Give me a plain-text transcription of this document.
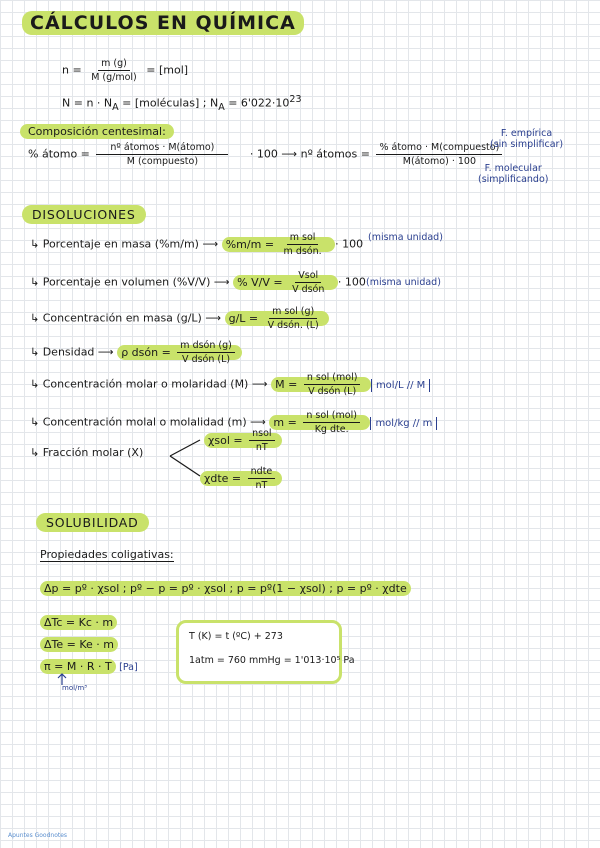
CÁLCULOS EN QUÍMICA
$n = \frac{m (g)}{\text{M (g/mol)}} = [mol]$
$N = n \cdot N_A$ = [moléculas] ; $N_A = 6'022\cdot 10^{23}$
Composición centesimal:
% átomo = $\frac{\text{nº átomos · M(átomo)}}{\text{M (compuesto)}} \cdot 100$ ⟶ nº átomos = $\frac{\text{\% átomo · M(compuesto)}}{\text{M(átomo) · 100}}$
F. empírica
(sin simplificar)
F. molecular
(simplificando)
DISOLUCIONES
↳ Porcentaje en masa (%m/m) ⟶ $\%m/m = \frac{\text{m sol}}{\text{m dsón.}} \cdot 100$ (misma unidad)
↳ Porcentaje en volumen (%V/V) ⟶ % $V/V = \frac{\text{Vsol}}{\text{V dsón}} \cdot 100$ (misma unidad)
↳ Concentración en masa (g/L) ⟶ $g/L = \frac{\text{m sol (g)}}{\text{V dsón. (L)}}$
↳ Densidad ⟶ ρ dsón = $\frac{\text{m dsón (g)}}{\text{V dsón (L)}}$
↳ Concentración molar o molaridad (M) ⟶ $M = \frac{\text{n sol (mol)}}{\text{V dsón (L)}} mol/L // M$
↳ Concentración molal o molalidad (m) ⟶ $m = \frac{\text{n sol (mol)}}{\text{Kg dte.}} mol/kg // m$
↳ Fracción molar (X)
$\chi sol = \frac{\text{nsol}}{nT}$
$\chi dte = \frac{\text{ndte}}{nT}$
SOLUBILIDAD
Propiedades coligativas:
Δp = pº · χsol ; pº − p = pº · χsol ; p = pº(1 − χsol) ; p = pº · χdte
ΔTc = Kc · m
ΔTe = Ke · m
π = M · R · T [Pa]
mol/m³
T (K) = t (ºC) + 273
1atm = 760 mmHg = 1'013·10⁵ Pa
Apuntes Goodnotes
